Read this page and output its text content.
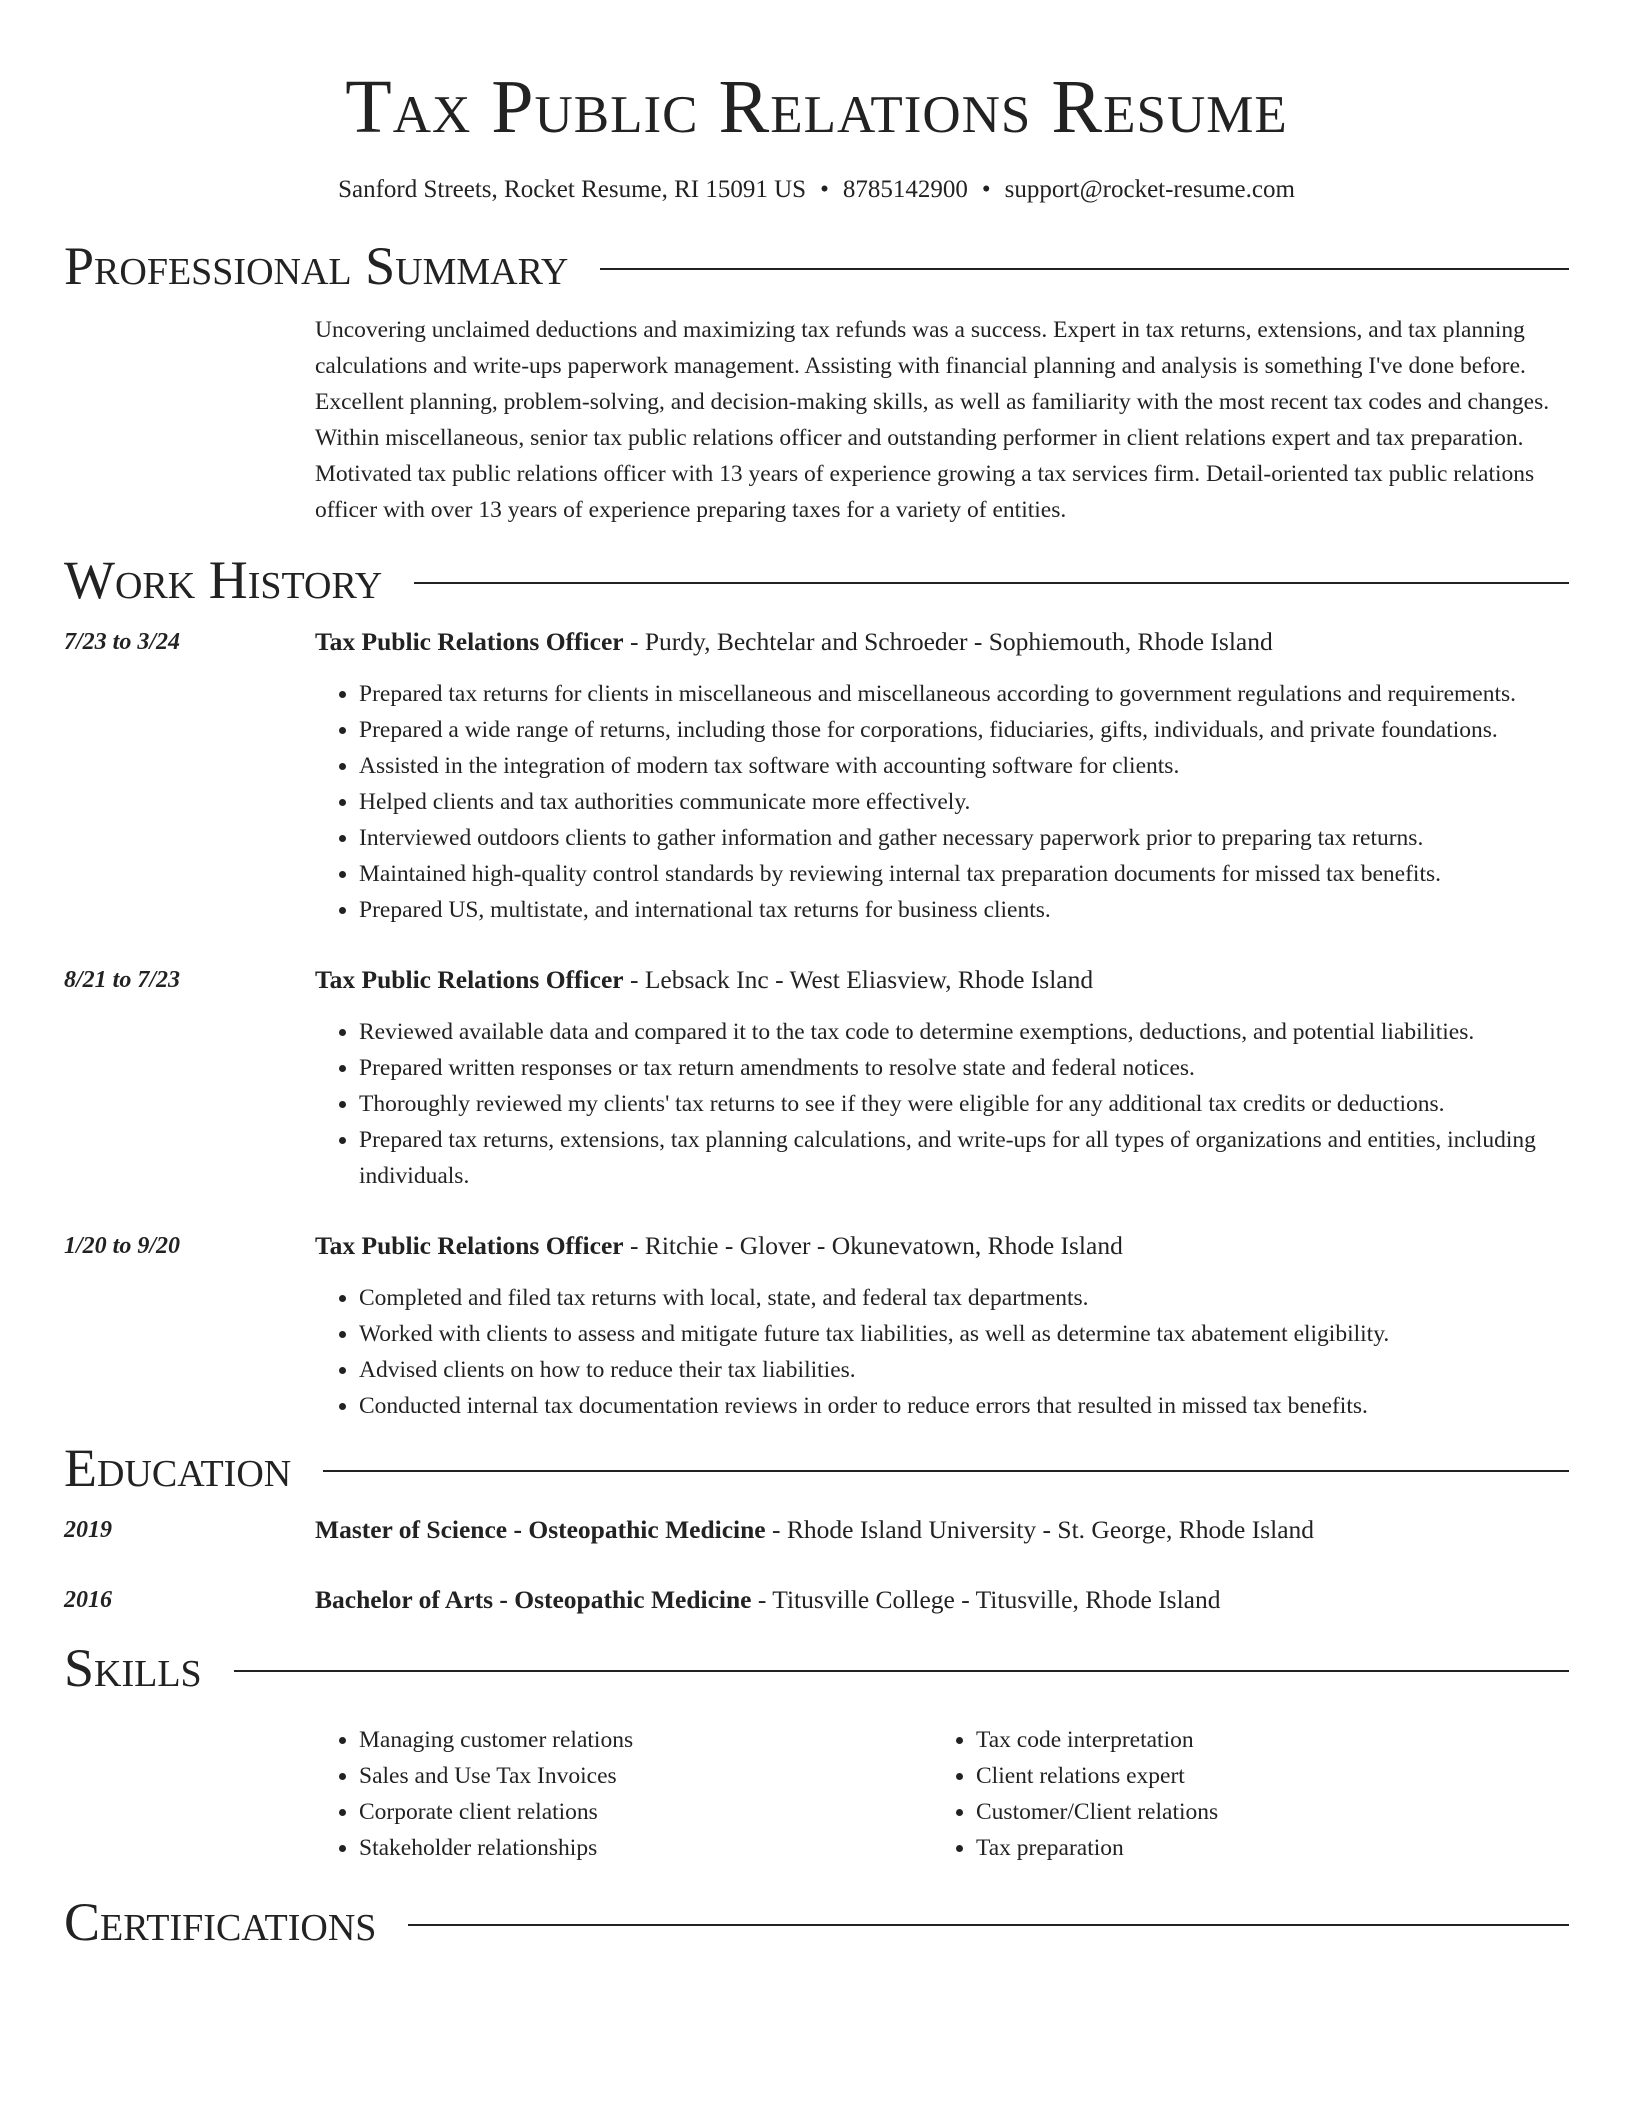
Tax Public Relations Resume
Sanford Streets, Rocket Resume, RI 15091 US • 8785142900 • support@rocket-resume.com
Professional Summary
Uncovering unclaimed deductions and maximizing tax refunds was a success. Expert in tax returns, extensions, and tax planning calculations and write-ups paperwork management. Assisting with financial planning and analysis is something I've done before. Excellent planning, problem-solving, and decision-making skills, as well as familiarity with the most recent tax codes and changes. Within miscellaneous, senior tax public relations officer and outstanding performer in client relations expert and tax preparation. Motivated tax public relations officer with 13 years of experience growing a tax services firm. Detail-oriented tax public relations officer with over 13 years of experience preparing taxes for a variety of entities.
Work History
7/23 to 3/24	Tax Public Relations Officer - Purdy, Bechtelar and Schroeder - Sophiemouth, Rhode Island
• Prepared tax returns for clients in miscellaneous and miscellaneous according to government regulations and requirements.
• Prepared a wide range of returns, including those for corporations, fiduciaries, gifts, individuals, and private foundations.
• Assisted in the integration of modern tax software with accounting software for clients.
• Helped clients and tax authorities communicate more effectively.
• Interviewed outdoors clients to gather information and gather necessary paperwork prior to preparing tax returns.
• Maintained high-quality control standards by reviewing internal tax preparation documents for missed tax benefits.
• Prepared US, multistate, and international tax returns for business clients.
8/21 to 7/23	Tax Public Relations Officer - Lebsack Inc - West Eliasview, Rhode Island
• Reviewed available data and compared it to the tax code to determine exemptions, deductions, and potential liabilities.
• Prepared written responses or tax return amendments to resolve state and federal notices.
• Thoroughly reviewed my clients' tax returns to see if they were eligible for any additional tax credits or deductions.
• Prepared tax returns, extensions, tax planning calculations, and write-ups for all types of organizations and entities, including individuals.
1/20 to 9/20	Tax Public Relations Officer - Ritchie - Glover - Okunevatown, Rhode Island
• Completed and filed tax returns with local, state, and federal tax departments.
• Worked with clients to assess and mitigate future tax liabilities, as well as determine tax abatement eligibility.
• Advised clients on how to reduce their tax liabilities.
• Conducted internal tax documentation reviews in order to reduce errors that resulted in missed tax benefits.
Education
2019	Master of Science - Osteopathic Medicine - Rhode Island University - St. George, Rhode Island
2016	Bachelor of Arts - Osteopathic Medicine - Titusville College - Titusville, Rhode Island
Skills
• Managing customer relations
• Sales and Use Tax Invoices
• Corporate client relations
• Stakeholder relationships
• Tax code interpretation
• Client relations expert
• Customer/Client relations
• Tax preparation
Certifications
